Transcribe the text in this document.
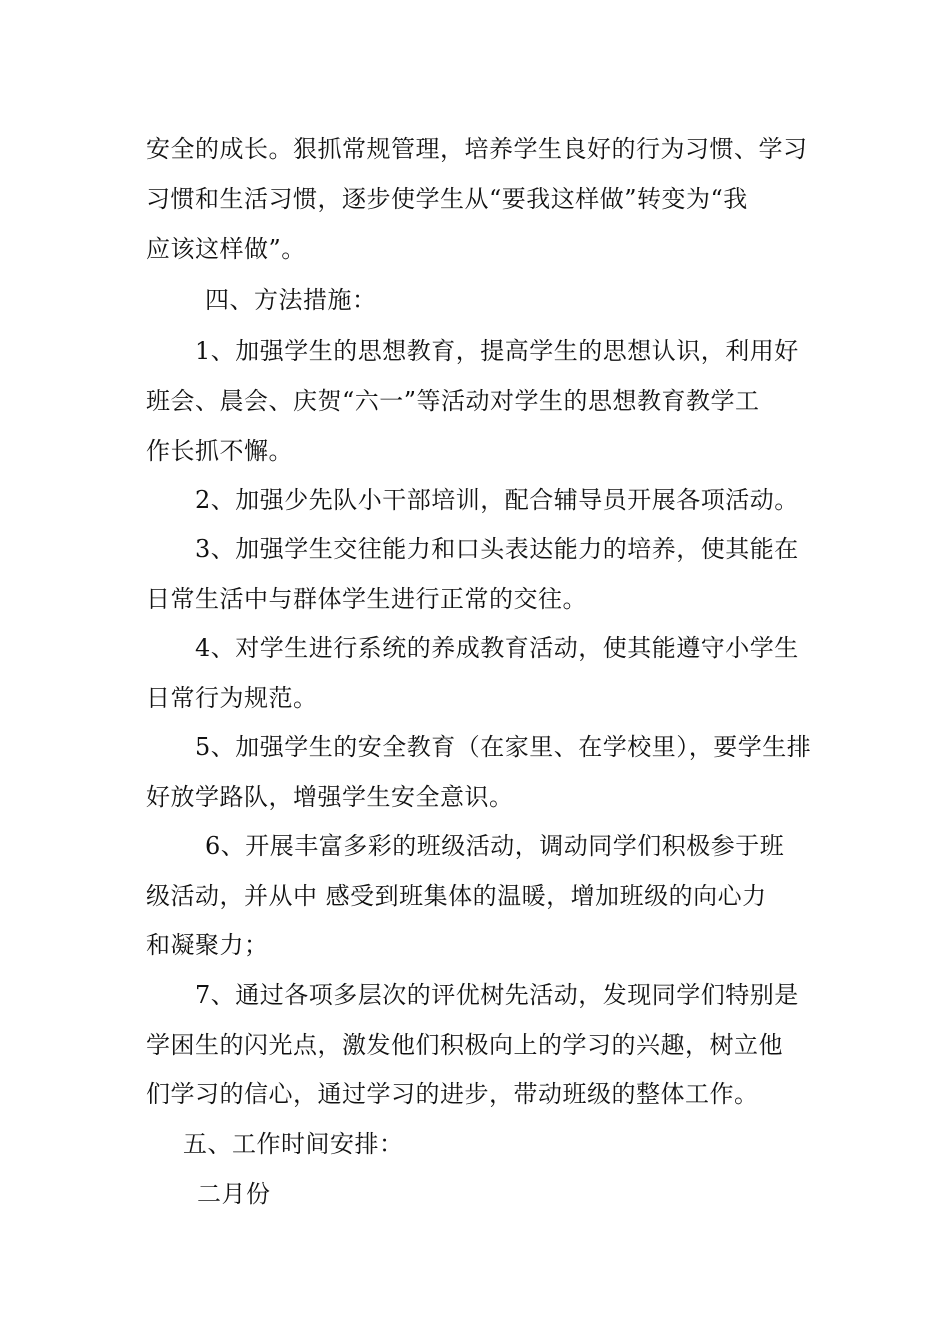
安全的成长。狠抓常规管理，培养学生良好的行为习惯、学习
习惯和生活习惯，逐步使学生从“要我这样做”转变为“我
应该这样做”。
四、方法措施：
1、加强学生的思想教育，提高学生的思想认识，利用好
班会、晨会、庆贺“六一”等活动对学生的思想教育教学工
作长抓不懈。
2、加强少先队小干部培训，配合辅导员开展各项活动。
3、加强学生交往能力和口头表达能力的培养，使其能在
日常生活中与群体学生进行正常的交往。
4、对学生进行系统的养成教育活动，使其能遵守小学生
日常行为规范。
5、加强学生的安全教育（在家里、在学校里），要学生排
好放学路队，增强学生安全意识。
6、开展丰富多彩的班级活动，调动同学们积极参于班
级活动，并从中 感受到班集体的温暖，增加班级的向心力
和凝聚力；
7、通过各项多层次的评优树先活动，发现同学们特别是
学困生的闪光点，激发他们积极向上的学习的兴趣，树立他
们学习的信心，通过学习的进步，带动班级的整体工作。
五、工作时间安排：
二月份
